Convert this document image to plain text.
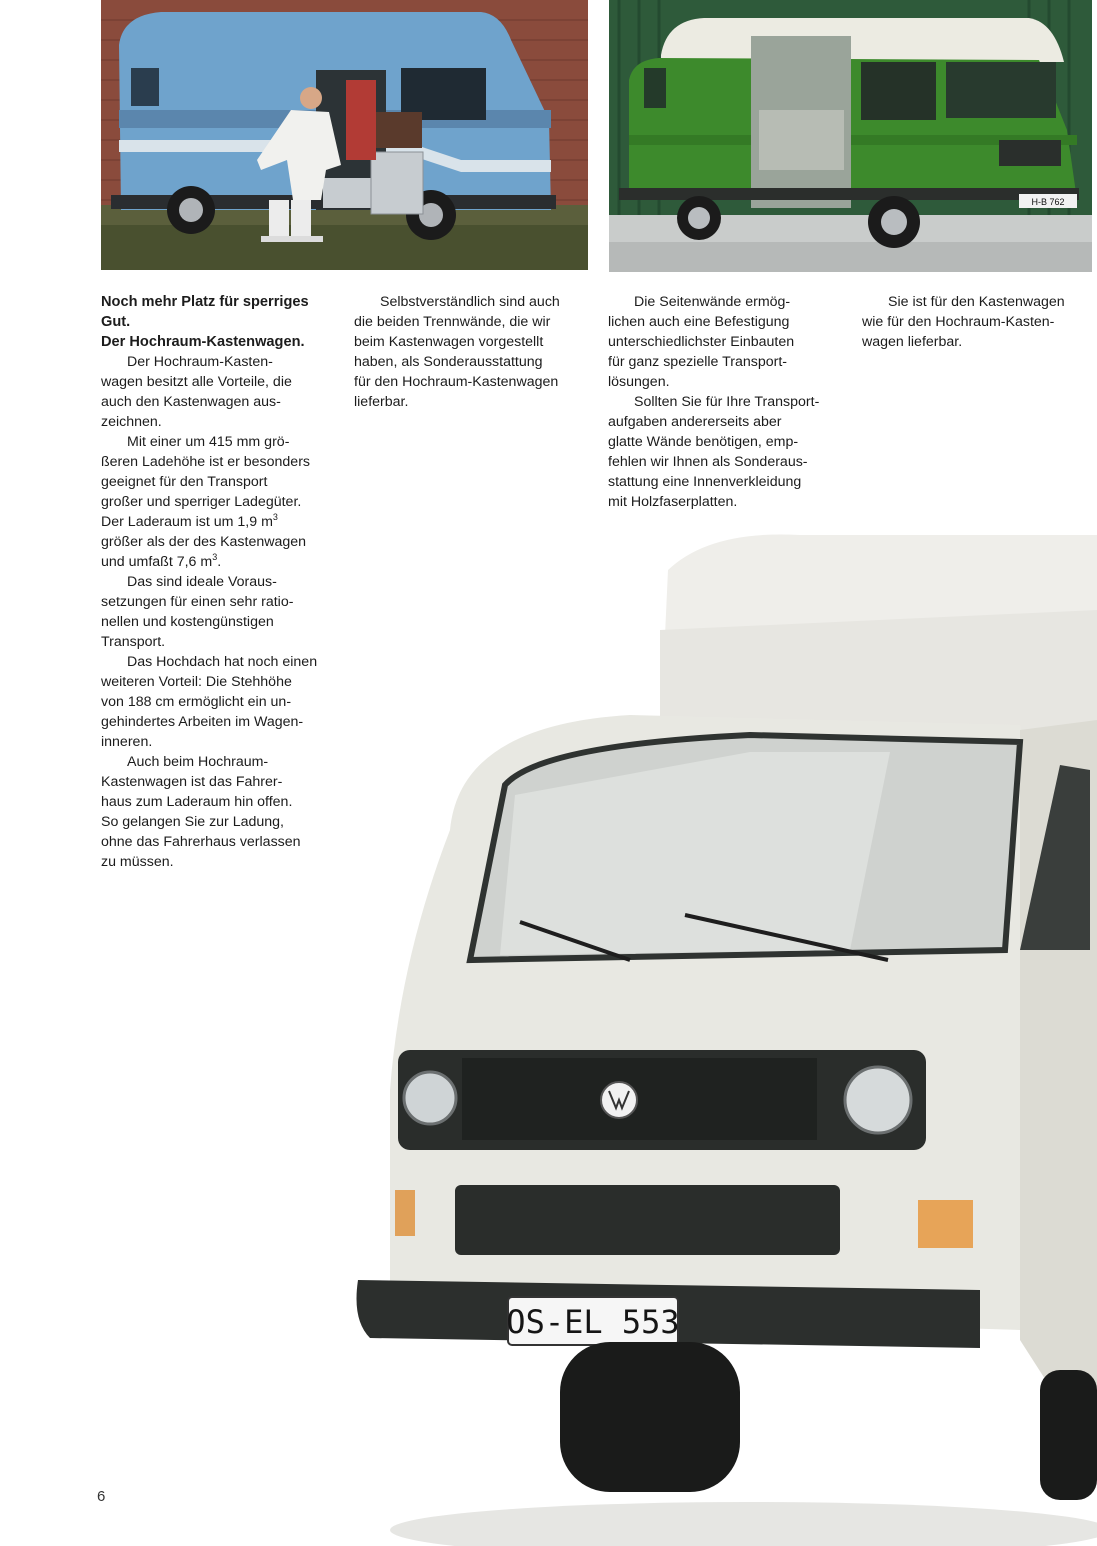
H-B 762
OS-EL 553

Noch mehr Platz für sperriges
Gut.
Der Hochraum-Kastenwagen.

Der Hochraum-Kasten-
wagen besitzt alle Vorteile, die
auch den Kastenwagen aus-
zeichnen.

Mit einer um 415 mm grö-
ßeren Ladehöhe ist er besonders
geeignet für den Transport
großer und sperriger Ladegüter.
Der Laderaum ist um 1,9 $m^3$
größer als der des Kastenwagen
und umfaßt 7,6 $m^3$.

Das sind ideale Voraus-
setzungen für einen sehr ratio-
nellen und kostengünstigen
Transport.

Das Hochdach hat noch einen
weiteren Vorteil: Die Stehhöhe
von 188 cm ermöglicht ein un-
gehindertes Arbeiten im Wagen-
inneren.

Auch beim Hochraum-
Kastenwagen ist das Fahrer-
haus zum Laderaum hin offen.
So gelangen Sie zur Ladung,
ohne das Fahrerhaus verlassen
zu müssen.

Selbstverständlich sind auch
die beiden Trennwände, die wir
beim Kastenwagen vorgestellt
haben, als Sonderausstattung
für den Hochraum-Kastenwagen
lieferbar.

Die Seitenwände ermög-
lichen auch eine Befestigung
unterschiedlichster Einbauten
für ganz spezielle Transport-
lösungen.

Sollten Sie für Ihre Transport-
aufgaben andererseits aber
glatte Wände benötigen, emp-
fehlen wir Ihnen als Sonderaus-
stattung eine Innenverkleidung
mit Holzfaserplatten.

Sie ist für den Kastenwagen
wie für den Hochraum-Kasten-
wagen lieferbar.

6
